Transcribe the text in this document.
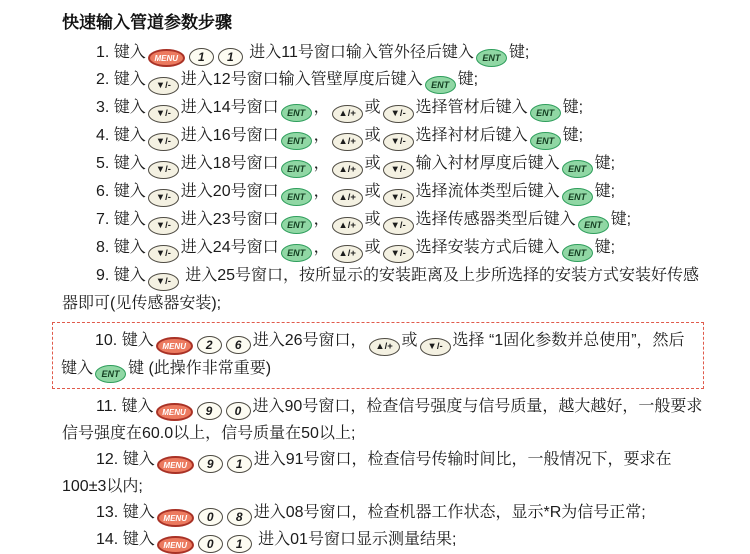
快速输入管道参数步骤

1. 键入 MENU 1 1 进入11号窗口输入管外径后键入 ENT 键;

2. 键入 ▼/- 进入12号窗口输入管壁厚度后键入 ENT 键;

3. 键入 ▼/- 进入14号窗口 ENT ， ▲/+ 或 ▼/- 选择管材后键入 ENT 键;

4. 键入 ▼/- 进入16号窗口 ENT ， ▲/+ 或 ▼/- 选择衬材后键入 ENT 键;

5. 键入 ▼/- 进入18号窗口 ENT ， ▲/+ 或 ▼/- 输入衬材厚度后键入 ENT 键;

6. 键入 ▼/- 进入20号窗口 ENT ， ▲/+ 或 ▼/- 选择流体类型后键入 ENT 键;

7. 键入 ▼/- 进入23号窗口 ENT ， ▲/+ 或 ▼/- 选择传感器类型后键入 ENT 键;

8. 键入 ▼/- 进入24号窗口 ENT ， ▲/+ 或 ▼/- 选择安装方式后键入 ENT 键;

9. 键入 ▼/- 进入25号窗口，按所显示的安装距离及上步所选择的安装方式安装好传感器即可(见传感器安装);

10. 键入 MENU 2 6 进入26号窗口， ▲/+ 或 ▼/- 选择 “1固化参数并总使用”，然后键入 ENT 键 (此操作非常重要)

11. 键入 MENU 9 0 进入90号窗口，检查信号强度与信号质量，越大越好，一般要求信号强度在60.0以上，信号质量在50以上;

12. 键入 MENU 9 1 进入91号窗口，检查信号传输时间比，一般情况下，要求在100±3以内;

13. 键入 MENU 0 8 进入08号窗口，检查机器工作状态，显示*R为信号正常;

14. 键入 MENU 0 1 进入01号窗口显示测量结果;
